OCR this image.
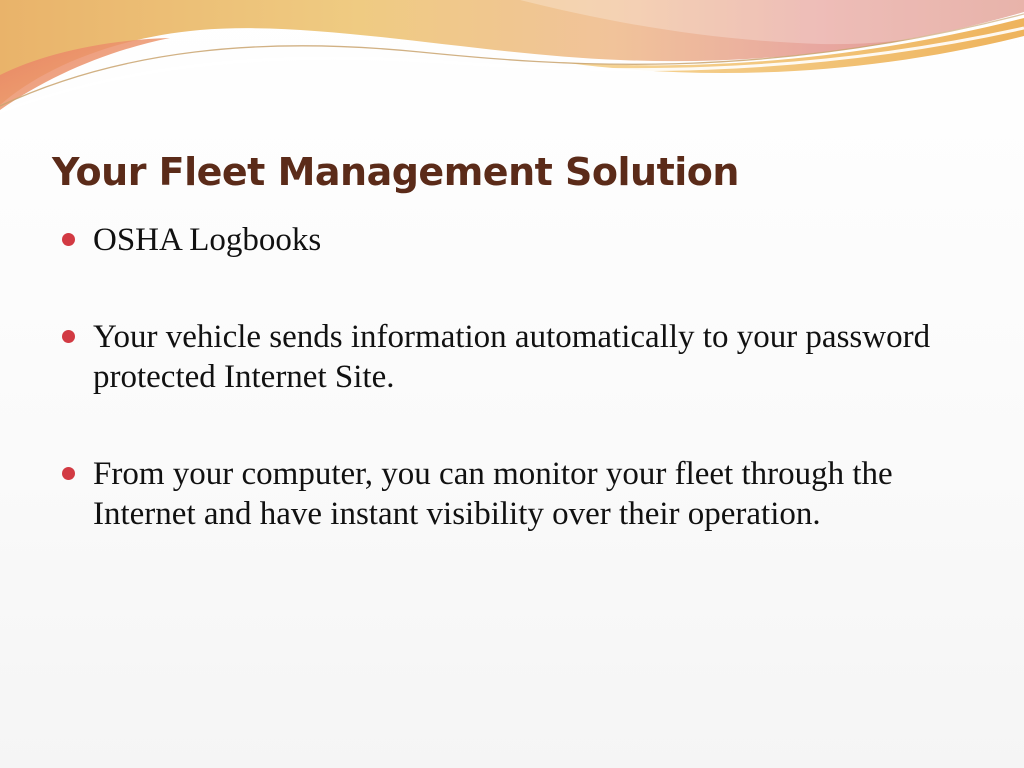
Your Fleet Management Solution
OSHA Logbooks
Your vehicle sends information automatically to your password protected Internet Site.
From your computer, you can monitor your fleet through the Internet and have instant visibility over their operation.
